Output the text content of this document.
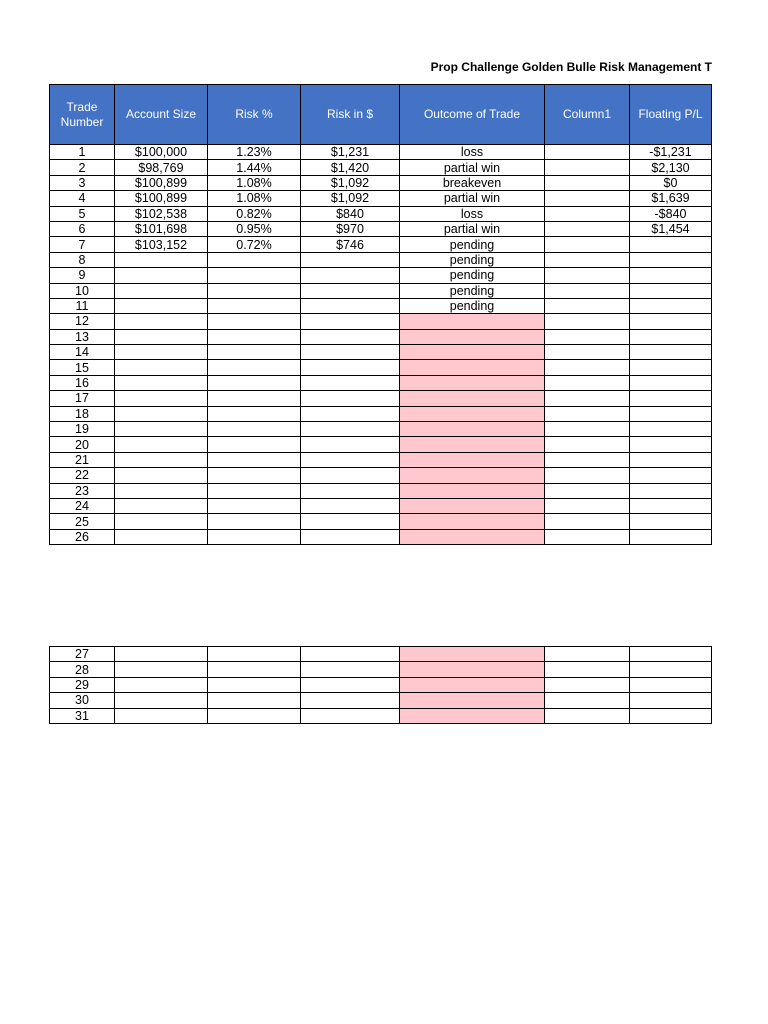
Prop Challenge Golden Bulle Risk Management T
Trade Number	Account Size	Risk %	Risk in $	Outcome of Trade	Column1	Floating P/L
1	$100,000	1.23%	$1,231	loss		-$1,231
2	$98,769	1.44%	$1,420	partial win		$2,130
3	$100,899	1.08%	$1,092	breakeven		$0
4	$100,899	1.08%	$1,092	partial win		$1,639
5	$102,538	0.82%	$840	loss		-$840
6	$101,698	0.95%	$970	partial win		$1,454
7	$103,152	0.72%	$746	pending		
8				pending		
9				pending		
10				pending		
11				pending		
12						
13						
14						
15						
16						
17						
18						
19						
20						
21						
22						
23						
24						
25						
26						
27						
28						
29						
30						
31						
